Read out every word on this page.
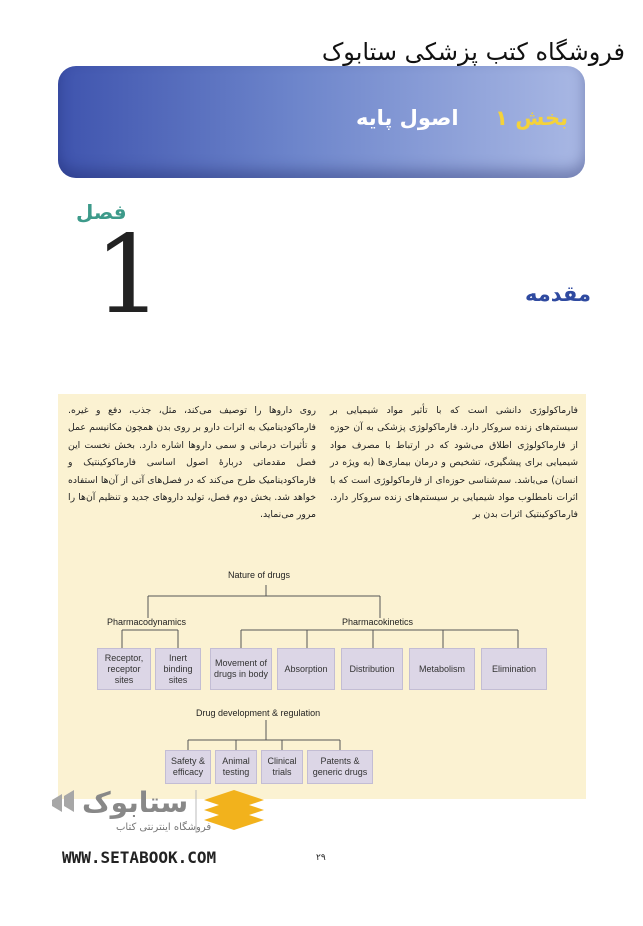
فروشگاه کتب پزشکی ستابوک
بخش ۱     اصول پایه
فصل
1	مقدمه
فارماکولوژی دانشی است که با تأثیر مواد شیمیایی بر سیستم‌های زنده سروکار دارد. فارماکولوژی پزشکی به آن حوزه از فارماکولوژی اطلاق می‌شود که در ارتباط با مصرف مواد شیمیایی برای پیشگیری، تشخیص و درمان بیماری‌ها (به ویژه در انسان) می‌باشد. سم‌شناسی حوزه‌ای از فارماکولوژی است که با اثرات نامطلوب مواد شیمیایی بر سیستم‌های زنده سروکار دارد. فارماکوکینتیک اثرات بدن بر
روی داروها را توصیف می‌کند، مثل، جذب، دفع و غیره. فارماکودینامیک به اثرات دارو بر روی بدن همچون مکانیسم عمل و تأثیرات درمانی و سمی داروها اشاره دارد. بخش نخست این فصل مقدماتی دربارهٔ اصول اساسی فارماکوکینتیک و فارماکودینامیک طرح می‌کند که در فصل‌های آتی از آن‌ها استفاده خواهد شد. بخش دوم فصل، تولید داروهای جدید و تنظیم آن‌ها را مرور می‌نماید.
Nature of drugs
Pharmacodynamics	Pharmacokinetics
Receptor, receptor sites
Inert binding sites
Movement of drugs in body
Absorption	Distribution	Metabolism	Elimination
Drug development & regulation
Safety & efficacy
Animal testing
Clinical trials
Patents & generic drugs
ستابوک
فروشگاه اینترنتی کتاب
WWW.SETABOOK.COM	۲۹
